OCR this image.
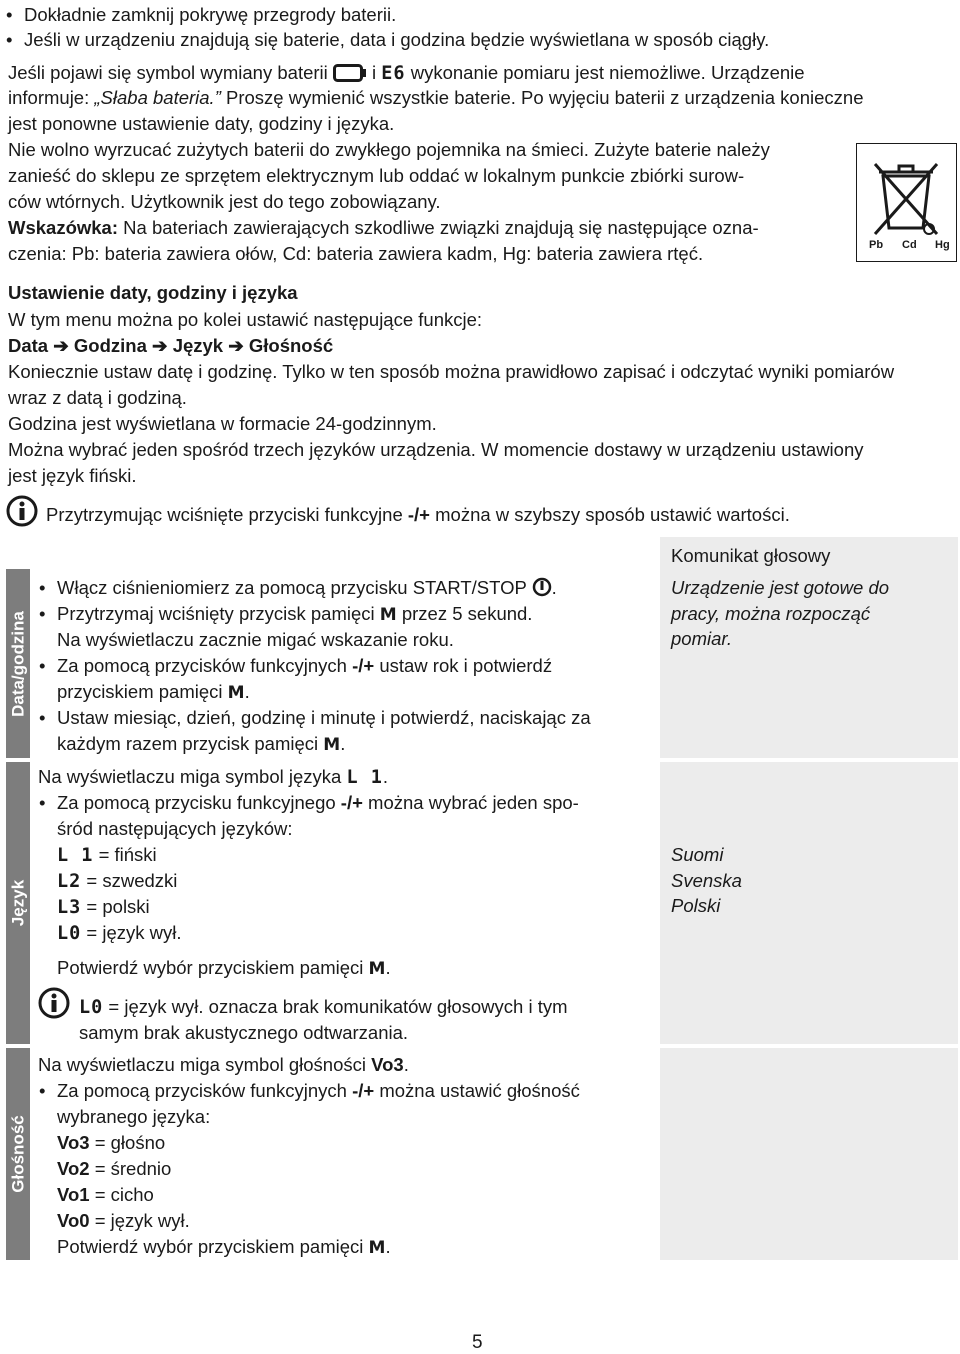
• Dokładnie zamknij pokrywę przegrody baterii.
• Jeśli w urządzeniu znajdują się baterie, data i godzina będzie wyświetlana w sposób ciągły.
Jeśli pojawi się symbol wymiany baterii i E6 wykonanie pomiaru jest niemożliwe. Urządzenie
informuje: „Słaba bateria.” Proszę wymienić wszystkie baterie. Po wyjęciu baterii z urządzenia konieczne
jest ponowne ustawienie daty, godziny i języka.
Nie wolno wyrzucać zużytych baterii do zwykłego pojemnika na śmieci. Zużyte baterie należy
zanieść do sklepu ze sprzętem elektrycznym lub oddać w lokalnym punkcie zbiórki surow-
ców wtórnych. Użytkownik jest do tego zobowiązany.
Wskazówka: Na bateriach zawierających szkodliwe związki znajdują się następujące ozna-
czenia: Pb: bateria zawiera ołów, Cd: bateria zawiera kadm, Hg: bateria zawiera rtęć.	Pb Cd Hg
Ustawienie daty, godziny i języka
W tym menu można po kolei ustawić następujące funkcje:
Data ➔ Godzina ➔ Język ➔ Głośność
Koniecznie ustaw datę i godzinę. Tylko w ten sposób można prawidłowo zapisać i odczytać wyniki pomiarów
wraz z datą i godziną.
Godzina jest wyświetlana w formacie 24-godzinnym.
Można wybrać jeden spośród trzech języków urządzenia. W momencie dostawy w urządzeniu ustawiony
jest język fiński.
Przytrzymując wciśnięte przyciski funkcyjne -/+ można w szybszy sposób ustawić wartości.
Komunikat głosowy
Data/godzina
Język
Głośność
• Włącz ciśnieniomierz za pomocą przycisku START/STOP .
• Przytrzymaj wciśnięty przycisk pamięci M przez 5 sekund.
Na wyświetlaczu zacznie migać wskazanie roku.
• Za pomocą przycisków funkcyjnych -/+ ustaw rok i potwierdź
przyciskiem pamięci M.
• Ustaw miesiąc, dzień, godzinę i minutę i potwierdź, naciskając za
każdym razem przycisk pamięci M.
Urządzenie jest gotowe do
pracy, można rozpocząć
pomiar.
Na wyświetlaczu miga symbol języka L 1.
• Za pomocą przycisku funkcyjnego -/+ można wybrać jeden spo-
śród następujących języków:
L 1 = fiński
L2 = szwedzki
L3 = polski
L0 = język wył.
Potwierdź wybór przyciskiem pamięci M.
L0 = język wył. oznacza brak komunikatów głosowych i tym
samym brak akustycznego odtwarzania.
Suomi
Svenska
Polski
Na wyświetlaczu miga symbol głośności Vo3.
• Za pomocą przycisków funkcyjnych -/+ można ustawić głośność
wybranego języka:
Vo3 = głośno
Vo2 = średnio
Vo1 = cicho
Vo0 = język wył.
Potwierdź wybór przyciskiem pamięci M.
5
